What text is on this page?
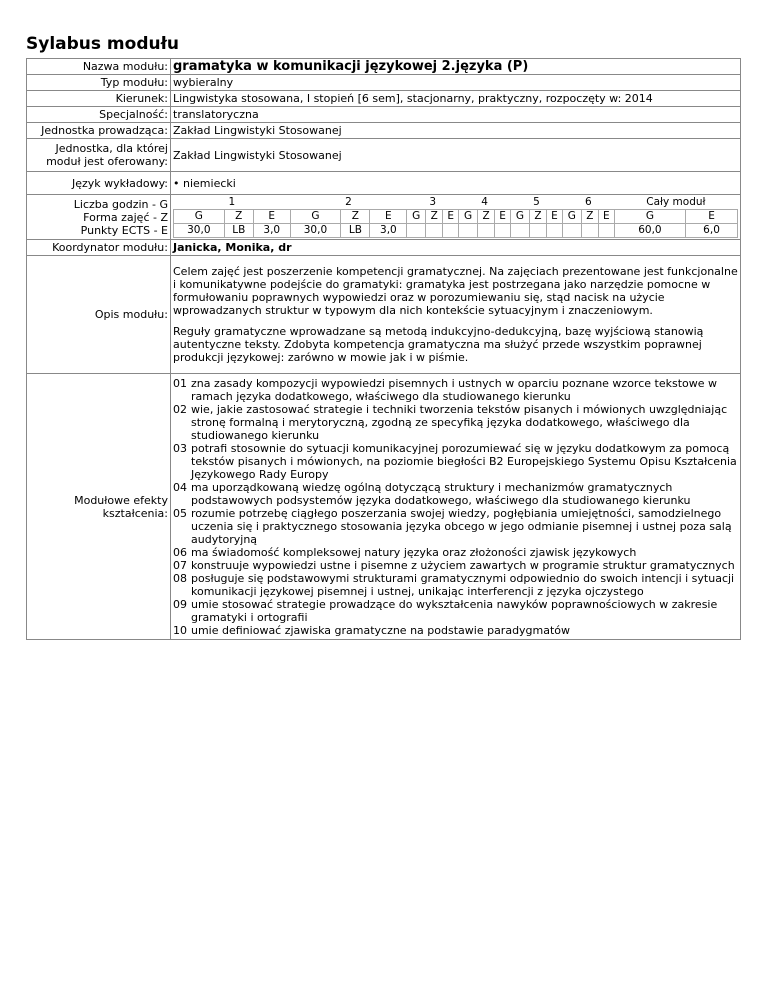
Sylabus modułu
Nazwa modułu:	gramatyka w komunikacji językowej 2.języka (P)
Typ modułu:	wybieralny
Kierunek:	Lingwistyka stosowana, I stopień [6 sem], stacjonarny, praktyczny, rozpoczęty w: 2014
Specjalność:	translatoryczna
Jednostka prowadząca:	Zakład Lingwistyki Stosowanej

Jednostka, dla której
moduł jest oferowany:	Zakład Lingwistyki Stosowanej
Język wykładowy:	
•niemiecki

Liczba godzin - G
Forma zajęć - Z
Punkty ECTS - E

1	2	3	4	5	6	Cały moduł
G	Z	E	G	Z	E	G	Z	E	G	Z	E	G	Z	E	G	Z	E	G	E
30,0	LB	3,0	30,0	LB	3,0													60,0	6,0

Koordynator modułu:	Janicka, Monika, dr
Opis modułu:	

Celem zajęć jest poszerzenie kompetencji gramatycznej. Na zajęciach prezentowane jest funkcjonalne i komunikatywne podejście do gramatyki: gramatyka jest postrzegana jako narzędzie pomocne w formułowaniu poprawnych wypowiedzi oraz w porozumiewaniu się, stąd nacisk na użycie wprowadzanych struktur w typowym dla nich kontekście sytuacyjnym i znaczeniowym.

Reguły gramatyczne wprowadzane są metodą indukcyjno-dedukcyjną, bazę wyjściową stanowią autentyczne teksty. Zdobyta kompetencja gramatyczna ma służyć przede wszystkim poprawnej produkcji językowej: zarówno w mowie jak i w piśmie.

Modułowe efekty
kształcenia:

01 zna zasady kompozycji wypowiedzi pisemnych i ustnych w oparciu poznane wzorce tekstowe w ramach języka dodatkowego, właściwego dla studiowanego kierunku
02 wie, jakie zastosować strategie i techniki tworzenia tekstów pisanych i mówionych uwzględniając stronę formalną i merytoryczną, zgodną ze specyfiką języka dodatkowego, właściwego dla studiowanego kierunku
03 potrafi stosownie do sytuacji komunikacyjnej porozumiewać się w języku dodatkowym za pomocą tekstów pisanych i mówionych, na poziomie biegłości B2 Europejskiego Systemu Opisu Kształcenia Językowego Rady Europy
04 ma uporządkowaną wiedzę ogólną dotyczącą struktury i mechanizmów gramatycznych podstawowych podsystemów języka dodatkowego, właściwego dla studiowanego kierunku
05 rozumie potrzebę ciągłego poszerzania swojej wiedzy, pogłębiania umiejętności, samodzielnego uczenia się i praktycznego stosowania języka obcego w jego odmianie pisemnej i ustnej poza salą audytoryjną
06 ma świadomość kompleksowej natury języka oraz złożoności zjawisk językowych
07 konstruuje wypowiedzi ustne i pisemne z użyciem zawartych w programie struktur gramatycznych
08 posługuje się podstawowymi strukturami gramatycznymi odpowiednio do swoich intencji i sytuacji komunikacji językowej pisemnej i ustnej, unikając interferencji z języka ojczystego
09 umie stosować strategie prowadzące do wykształcenia nawyków poprawnościowych w zakresie gramatyki i ortografii
10 umie definiować zjawiska gramatyczne na podstawie paradygmatów
